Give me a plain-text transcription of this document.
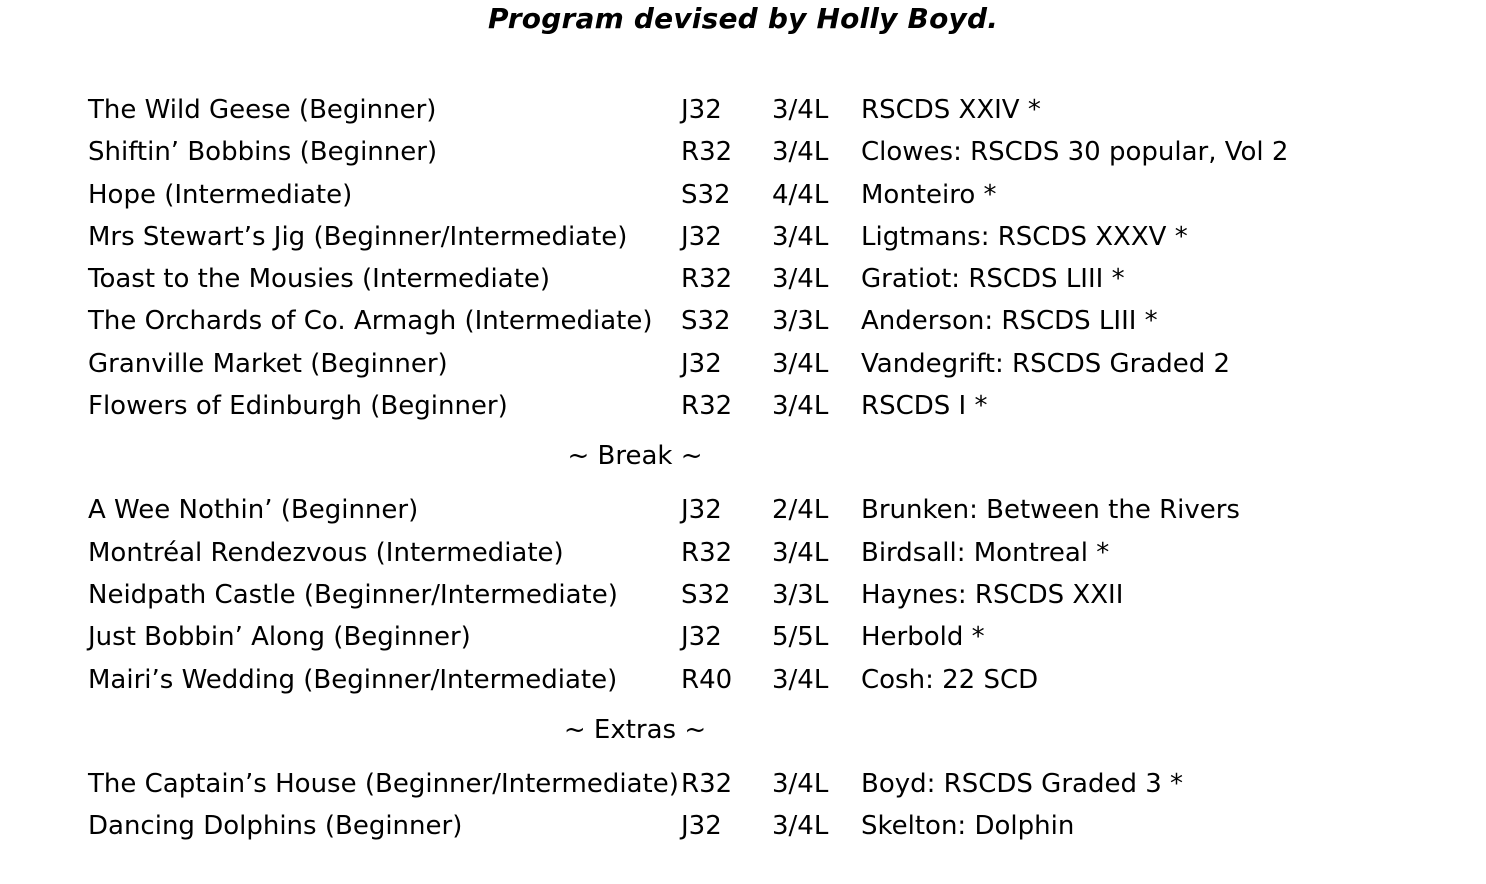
Program devised by Holly Boyd.
The Wild Geese (Beginner)	J32 3/4L RSCDS XXIV *
Shiftin’ Bobbins (Beginner)	R32 3/4L Clowes: RSCDS 30 popular, Vol 2
Hope (Intermediate)	S32 4/4L Monteiro *
Mrs Stewart’s Jig (Beginner/Intermediate) J32 3/4L Ligtmans: RSCDS XXXV *
Toast to the Mousies (Intermediate)	R32 3/4L Gratiot: RSCDS LIII *
The Orchards of Co. Armagh (Intermediate) S32 3/3L Anderson: RSCDS LIII *
Granville Market (Beginner)	J32 3/4L Vandegrift: RSCDS Graded 2
Flowers of Edinburgh (Beginner)	R32 3/4L RSCDS I *
~ Break ~
A Wee Nothin’ (Beginner)	J32 2/4L Brunken: Between the Rivers
Montréal Rendezvous (Intermediate)	R32 3/4L Birdsall: Montreal *
Neidpath Castle (Beginner/Intermediate) S32 3/3L Haynes: RSCDS XXII
Just Bobbin’ Along (Beginner)	J32 5/5L Herbold *
Mairi’s Wedding (Beginner/Intermediate) R40 3/4L Cosh: 22 SCD
~ Extras ~
The Captain’s House (Beginner/Intermediate) R32 3/4L Boyd: RSCDS Graded 3 *
Dancing Dolphins (Beginner)	J32 3/4L Skelton: Dolphin
